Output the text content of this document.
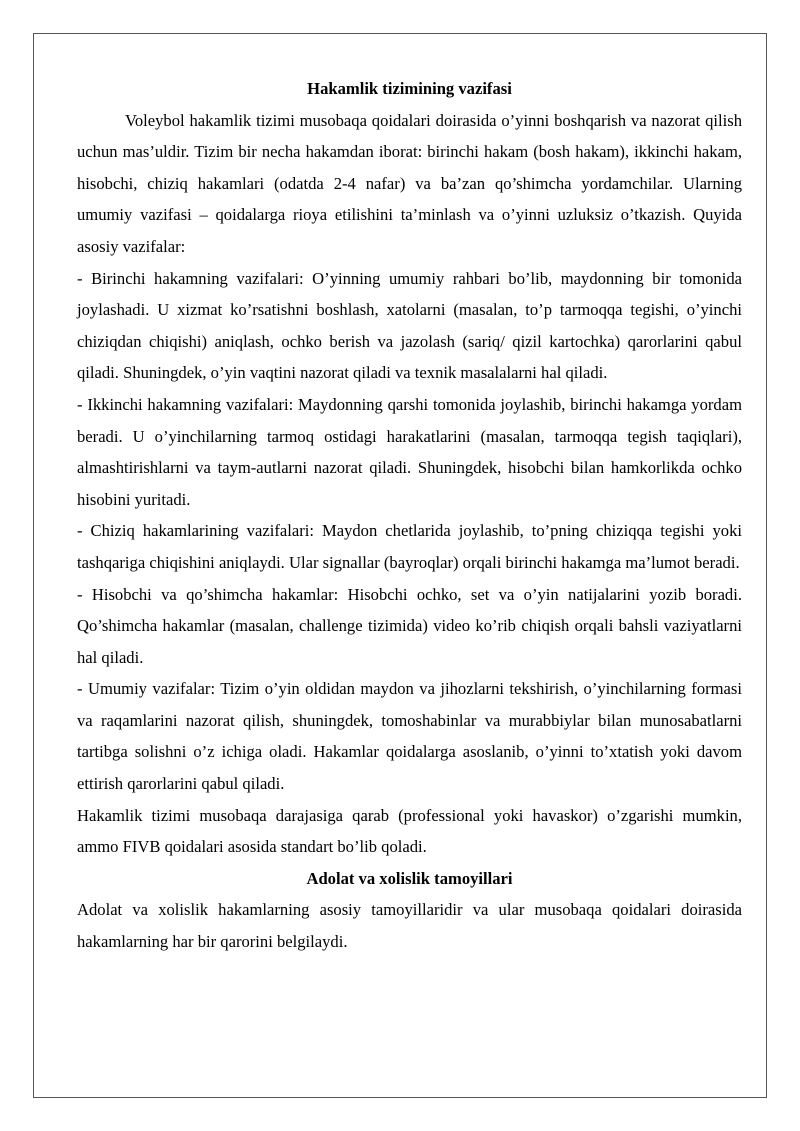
Hakamlik tizimining vazifasi

Voleybol hakamlik tizimi musobaqa qoidalari doirasida o’yinni boshqarish va nazorat qilish uchun mas’uldir. Tizim bir necha hakamdan iborat: birinchi hakam (bosh hakam), ikkinchi hakam, hisobchi, chiziq hakamlari (odatda 2-4 nafar) va ba’zan qo’shimcha yordamchilar. Ularning umumiy vazifasi – qoidalarga rioya etilishini ta’minlash va o’yinni uzluksiz o’tkazish. Quyida asosiy vazifalar:

- Birinchi hakamning vazifalari: O’yinning umumiy rahbari bo’lib, maydonning bir tomonida joylashadi. U xizmat ko’rsatishni boshlash, xatolarni (masalan, to’p tarmoqqa tegishi, o’yinchi chiziqdan chiqishi) aniqlash, ochko berish va jazolash (sariq/ qizil kartochka) qarorlarini qabul qiladi. Shuningdek, o’yin vaqtini nazorat qiladi va texnik masalalarni hal qiladi.

- Ikkinchi hakamning vazifalari: Maydonning qarshi tomonida joylashib, birinchi hakamga yordam beradi. U o’yinchilarning tarmoq ostidagi harakatlarini (masalan, tarmoqqa tegish taqiqlari), almashtirishlarni va taym-autlarni nazorat qiladi. Shuningdek, hisobchi bilan hamkorlikda ochko hisobini yuritadi.

- Chiziq hakamlarining vazifalari: Maydon chetlarida joylashib, to’pning chiziqqa tegishi yoki tashqariga chiqishini aniqlaydi. Ular signallar (bayroqlar) orqali birinchi hakamga ma’lumot beradi.

- Hisobchi va qo’shimcha hakamlar: Hisobchi ochko, set va o’yin natijalarini yozib boradi. Qo’shimcha hakamlar (masalan, challenge tizimida) video ko’rib chiqish orqali bahsli vaziyatlarni hal qiladi.

- Umumiy vazifalar: Tizim o’yin oldidan maydon va jihozlarni tekshirish, o’yinchilarning formasi va raqamlarini nazorat qilish, shuningdek, tomoshabinlar va murabbiylar bilan munosabatlarni tartibga solishni o’z ichiga oladi. Hakamlar qoidalarga asoslanib, o’yinni to’xtatish yoki davom ettirish qarorlarini qabul qiladi.

Hakamlik tizimi musobaqa darajasiga qarab (professional yoki havaskor) o’zgarishi mumkin, ammo FIVB qoidalari asosida standart bo’lib qoladi.

Adolat va xolislik tamoyillari

Adolat va xolislik hakamlarning asosiy tamoyillaridir va ular musobaqa qoidalari doirasida hakamlarning har bir qarorini belgilaydi.
